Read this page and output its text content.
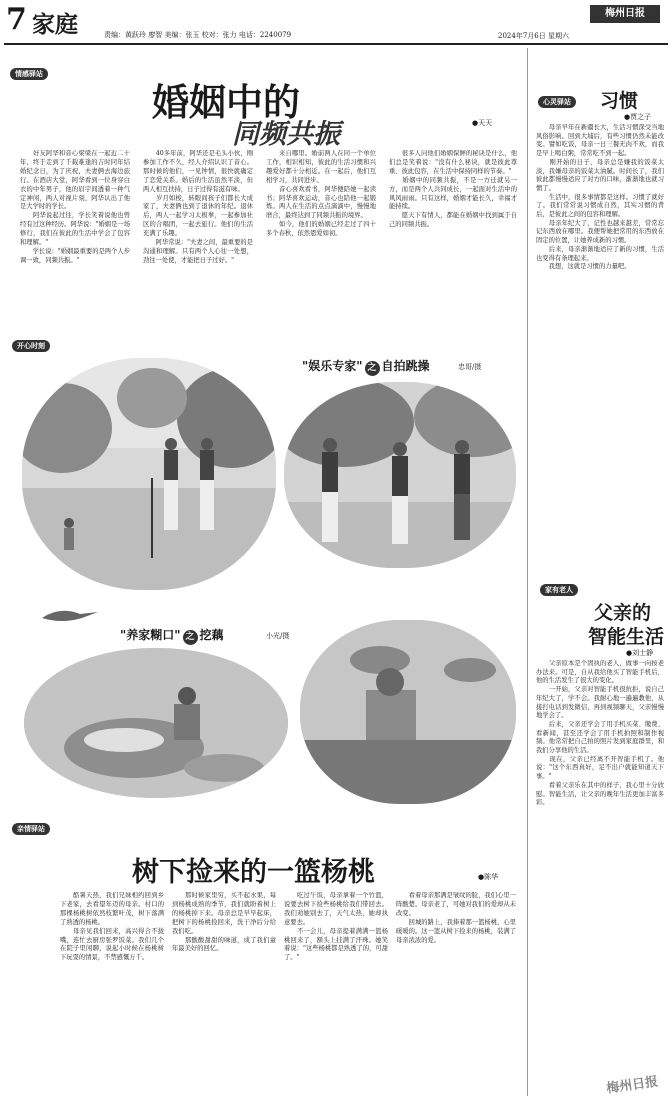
7 家庭	责编：黄跃玲 廖智 美编：张玉 校对：张力 电话：2240079	2024年7月6日 星期六
梅州日报
情感驿站
婚姻中的
同频共振	●天天
　　好友阿华和音心梁梁在一起近二十年，终于走到了千载难逢的吉时同年结婚纪念日，为了庆祝，夫妻俩去海边旅行。在酒店大堂，阿华看到一位身穿白衣的中年男子，他的眉宇间透着一种气定神闲，两人对视片刻，阿华认出了他是大学时的学长。
　　阿华说起过往，学长笑着说他也曾经有过这种经历。阿华说："婚姻是一场修行，我们在彼此的生活中学会了包容和理解。"
　　学长说："婚姻最重要的是两个人步调一致，同频共振。"
　　40多年前，阿华还是毛头小伙，刚参加工作不久，经人介绍认识了音心。那时候的他们，一见钟情，很快就确定了恋爱关系。婚后的生活虽然平淡，但两人相互扶持，日子过得有滋有味。
　　岁月如梭，转眼间孩子们都长大成家了，夫妻俩也到了退休的年纪。退休后，两人一起学习太极拳，一起参加社区的合唱团，一起去旅行。他们的生活充满了乐趣。
　　阿华常说："夫妻之间，最重要的是沟通和理解。只有两个人心往一处想，劲往一处使，才能把日子过好。"
　　来自哪里。婚前两人在同一个单位工作，相识相知，彼此的生活习惯和兴趣爱好都十分相近。在一起后，他们互相学习，共同进步。
　　音心喜欢看书，阿华便陪她一起读书；阿华喜欢运动，音心也陪他一起锻炼。两人在生活的点点滴滴中，慢慢地磨合，最终达到了同频共振的境界。
　　如今，他们的婚姻已经走过了四十多个春秋，依然恩爱如初。
　　很多人问他们婚姻保鲜的秘诀是什么，他们总是笑着说："没有什么秘诀，就是彼此尊重、彼此包容，在生活中保持同样的节奏。"
　　婚姻中的同频共振，不是一方迁就另一方，而是两个人共同成长，一起面对生活中的风风雨雨。只有这样，婚姻才能长久，幸福才能持续。
　　愿天下有情人，都能在婚姻中找到属于自己的同频共振。
开心时刻
"娱乐专家" 之 自拍跳操	忠哥/摄
"养家糊口" 之 挖藕	小光/摄
亲情驿站
树下捡来的一篮杨桃	●陈华
　　酷暑天热，我们兄妹相约回到乡下老家，去看望年迈的母亲。村口的那棵杨桃树依然枝繁叶茂，树下落满了熟透的杨桃。
　　母亲见我们回来，高兴得合不拢嘴，连忙去厨房张罗饭菜。我们几个在院子里闲聊，说起小时候在杨桃树下玩耍的情景，不禁感慨万千。
　　那时候家里穷，买不起水果，每到杨桃成熟的季节，我们就盼着树上的杨桃掉下来。母亲总是早早起床，把树下的杨桃捡回来，洗干净后分给我们吃。
　　那酸酸甜甜的味道，成了我们童年最美好的回忆。
　　吃过午饭，母亲拿着一个竹篮，说要去树下捡些杨桃给我们带回去。我们劝她别去了，天气太热，她却执意要去。
　　不一会儿，母亲提着满满一篮杨桃回来了，额头上挂满了汗珠。她笑着说："这些杨桃都是熟透了的，可甜了。"
　　看着母亲那满是皱纹的脸，我们心里一阵酸楚。母亲老了，可她对我们的爱却从未改变。
　　回城的路上，我捧着那一篮杨桃，心里暖暖的。这一篮从树下捡来的杨桃，装满了母亲浓浓的爱。
心灵驿站 习惯
●贾之子
　　母亲早年在新疆长大，生活习惯深受当地风俗影响。回到大埔后，有些习惯仍然未能改变。譬如吃饭，母亲一日三餐无肉不欢，而我是早上喝白粥，常常吃不到一起。
　　刚开始的日子，母亲总是嫌我的饭菜太淡，我嫌母亲的饭菜太油腻。时间长了，我们彼此都慢慢适应了对方的口味，渐渐地也就习惯了。
　　生活中，很多事情都是这样。习惯了就好了。我们常常说习惯成自然，其实习惯的背后，是彼此之间的包容和理解。
　　母亲年纪大了，记性也越来越差，常常忘记东西放在哪里。我便帮她把常用的东西放在固定的位置，让她养成新的习惯。
　　后来，母亲渐渐地适应了新的习惯，生活也变得有条理起来。
　　我想，这就是习惯的力量吧。
家有老人
父亲的
智能生活
●刘士静
　　父亲原本是个固执的老人，做事一向按老办法来。可是，自从我给他买了智能手机后，他的生活发生了很大的变化。
　　一开始，父亲对智能手机很抗拒，说自己年纪大了，学不会。我耐心地一遍遍教他，从接打电话到发微信，再到视频聊天，父亲慢慢地学会了。
　　后来，父亲还学会了用手机买菜、缴费、看新闻，甚至还学会了用手机拍照和制作视频。他常常把自己拍的照片发到家庭群里，和我们分享他的生活。
　　现在，父亲已经离不开智能手机了。他说："这个东西真好，足不出户就能知道天下事。"
　　看着父亲乐在其中的样子，我心里十分欣慰。智能生活，让父亲的晚年生活更加丰富多彩。
梅州日报
